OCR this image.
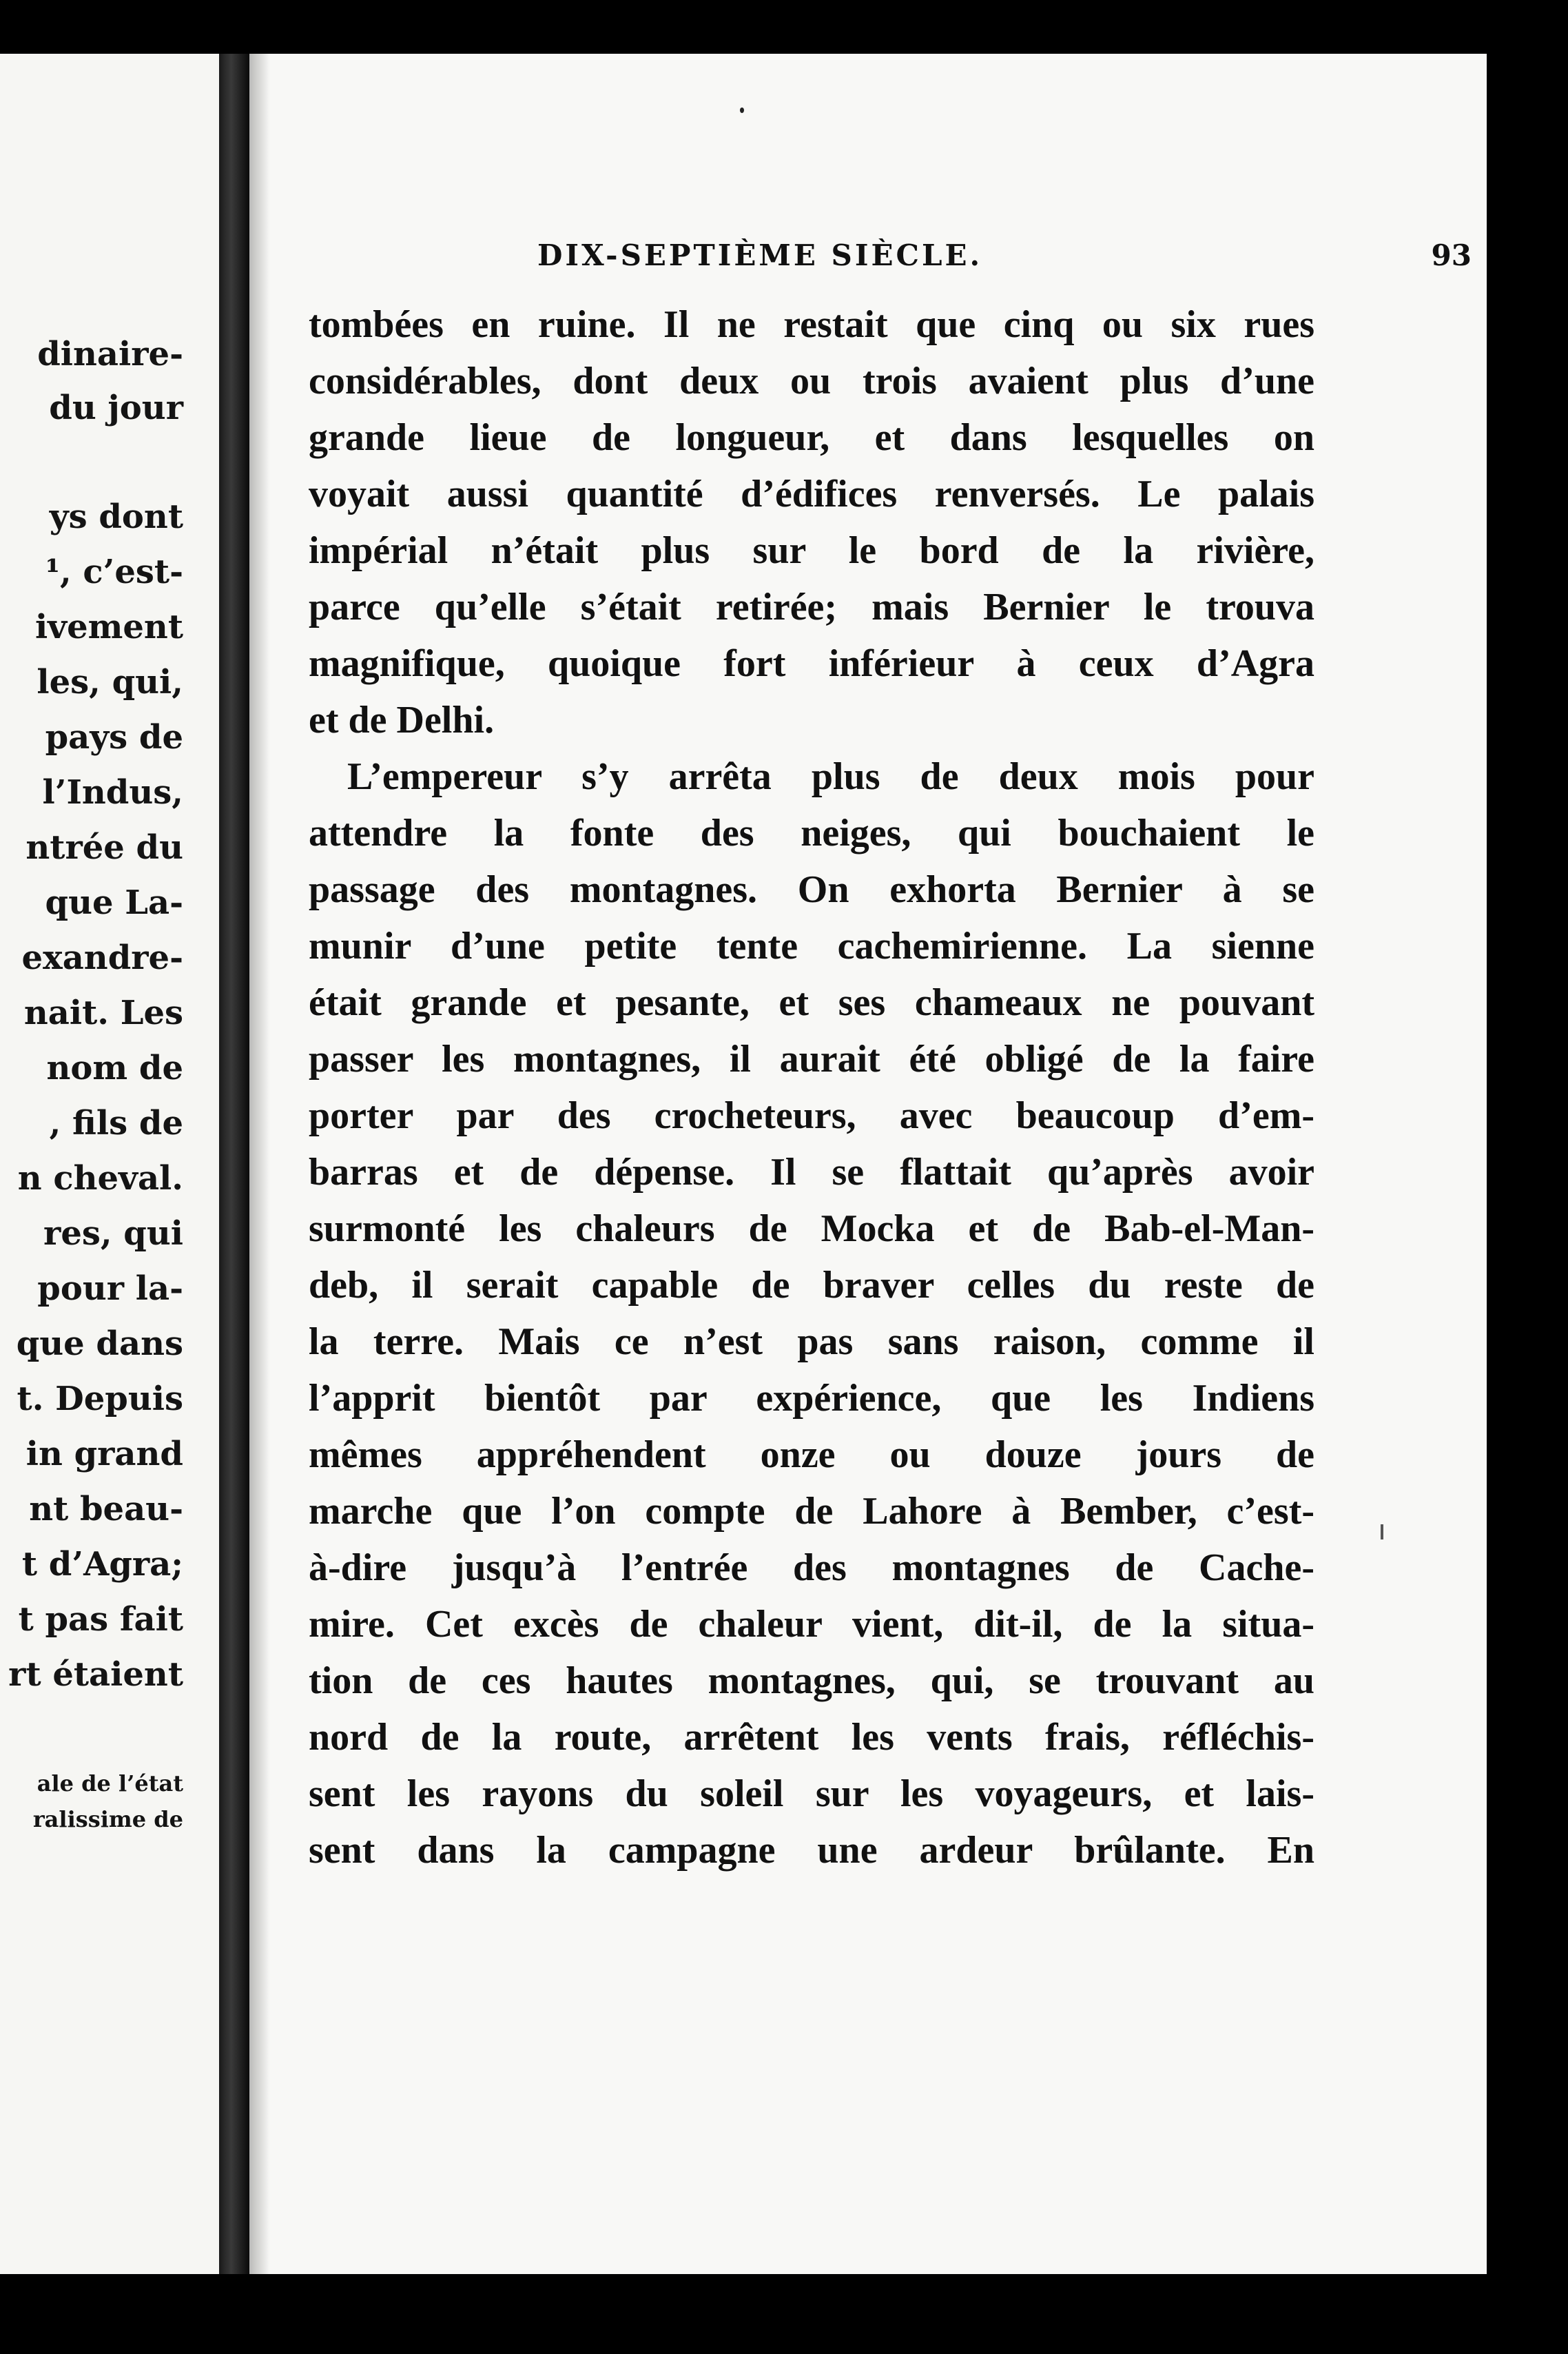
dinaire-
du jour
ys dont
¹, c’est-
ivement
les, qui,
pays de
l’Indus,
ntrée du
que La-
exandre-
nait. Les
nom de
, fils de
n cheval.
res, qui
pour la-
que dans
t. Depuis
in grand
nt beau-
t d’Agra;
t pas fait
rt étaient
ale de l’état
ralissime de
DIX-SEPTIÈME SIÈCLE.	93
tombées en ruine. Il ne restait que cinq ou six rues
considérables, dont deux ou trois avaient plus d’une
grande lieue de longueur, et dans lesquelles on
voyait aussi quantité d’édifices renversés. Le palais
impérial n’était plus sur le bord de la rivière,
parce qu’elle s’était retirée; mais Bernier le trouva
magnifique, quoique fort inférieur à ceux d’Agra
et de Delhi.
L’empereur s’y arrêta plus de deux mois pour
attendre la fonte des neiges, qui bouchaient le
passage des montagnes. On exhorta Bernier à se
munir d’une petite tente cachemirienne. La sienne
était grande et pesante, et ses chameaux ne pouvant
passer les montagnes, il aurait été obligé de la faire
porter par des crocheteurs, avec beaucoup d’em-
barras et de dépense. Il se flattait qu’après avoir
surmonté les chaleurs de Mocka et de Bab-el-Man-
deb, il serait capable de braver celles du reste de
la terre. Mais ce n’est pas sans raison, comme il
l’apprit bientôt par expérience, que les Indiens
mêmes appréhendent onze ou douze jours de
marche que l’on compte de Lahore à Bember, c’est-
à-dire jusqu’à l’entrée des montagnes de Cache-
mire. Cet excès de chaleur vient, dit-il, de la situa-
tion de ces hautes montagnes, qui, se trouvant au
nord de la route, arrêtent les vents frais, réfléchis-
sent les rayons du soleil sur les voyageurs, et lais-
sent dans la campagne une ardeur brûlante. En
